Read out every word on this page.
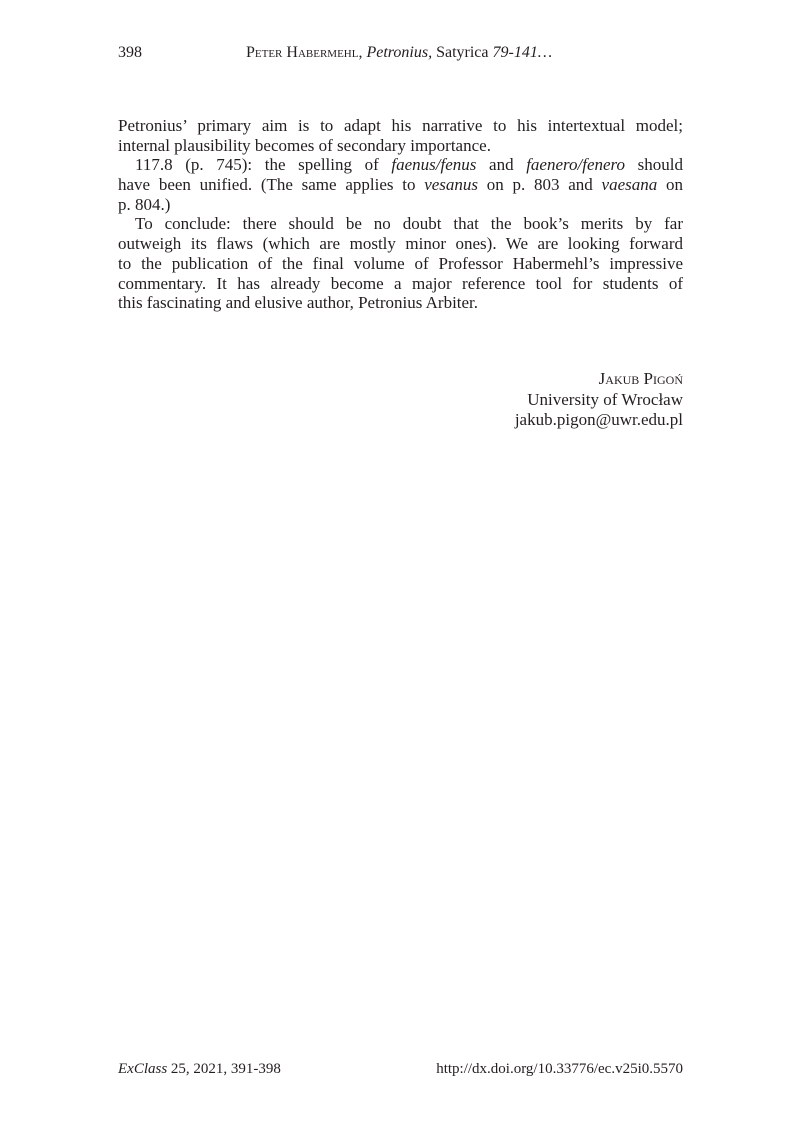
398	Peter Habermehl, Petronius, Satyrica 79-141…
Petronius’ primary aim is to adapt his narrative to his intertextual model;
internal plausibility becomes of secondary importance.
117.8 (p. 745): the spelling of faenus/fenus and faenero/fenero should
have been unified. (The same applies to vesanus on p. 803 and vaesana on
p. 804.)
To conclude: there should be no doubt that the book’s merits by far
outweigh its flaws (which are mostly minor ones). We are looking forward
to the publication of the final volume of Professor Habermehl’s impressive
commentary. It has already become a major reference tool for students of
this fascinating and elusive author, Petronius Arbiter.
Jakub Pigoń
University of Wrocław
jakub.pigon@uwr.edu.pl
ExClass 25, 2021, 391-398	http://dx.doi.org/10.33776/ec.v25i0.5570
